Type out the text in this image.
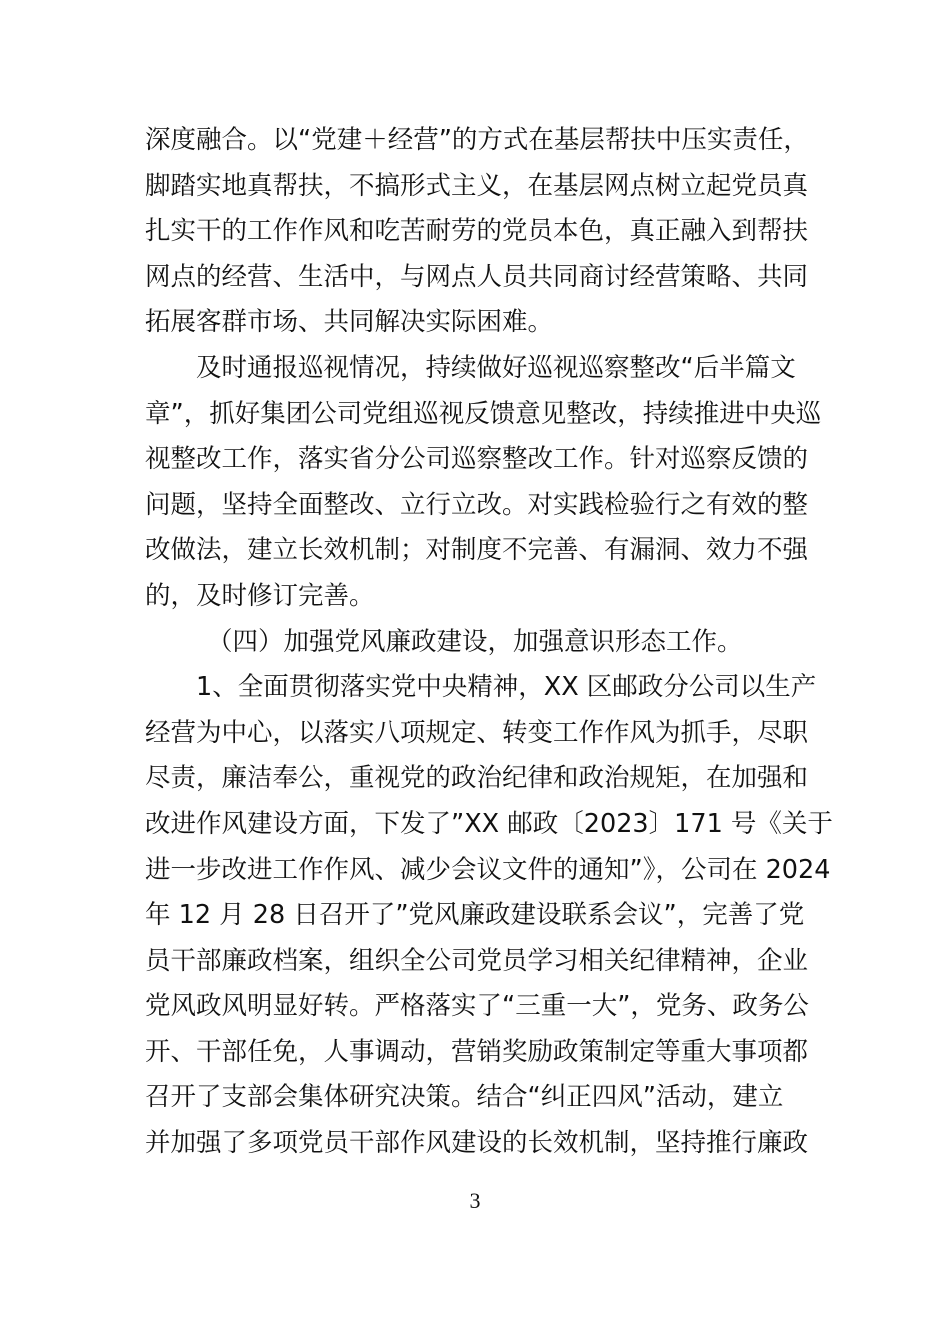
深度融合。以“党建＋经营”的方式在基层帮扶中压实责任，
脚踏实地真帮扶，不搞形式主义，在基层网点树立起党员真
扎实干的工作作风和吃苦耐劳的党员本色，真正融入到帮扶
网点的经营、生活中，与网点人员共同商讨经营策略、共同
拓展客群市场、共同解决实际困难。
及时通报巡视情况，持续做好巡视巡察整改“后半篇文
章”，抓好集团公司党组巡视反馈意见整改，持续推进中央巡
视整改工作，落实省分公司巡察整改工作。针对巡察反馈的
问题，坚持全面整改、立行立改。对实践检验行之有效的整
改做法，建立长效机制；对制度不完善、有漏洞、效力不强
的，及时修订完善。
（四）加强党风廉政建设，加强意识形态工作。
1、全面贯彻落实党中央精神，XX 区邮政分公司以生产
经营为中心，以落实八项规定、转变工作作风为抓手，尽职
尽责，廉洁奉公，重视党的政治纪律和政治规矩，在加强和
改进作风建设方面，下发了”XX 邮政〔2023〕171 号《关于
进一步改进工作作风、减少会议文件的通知”》，公司在 2024
年 12 月 28 日召开了”党风廉政建设联系会议”，完善了党
员干部廉政档案，组织全公司党员学习相关纪律精神，企业
党风政风明显好转。严格落实了“三重一大”，党务、政务公
开、干部任免，人事调动，营销奖励政策制定等重大事项都
召开了支部会集体研究决策。结合“纠正四风”活动，建立
并加强了多项党员干部作风建设的长效机制，坚持推行廉政
3
